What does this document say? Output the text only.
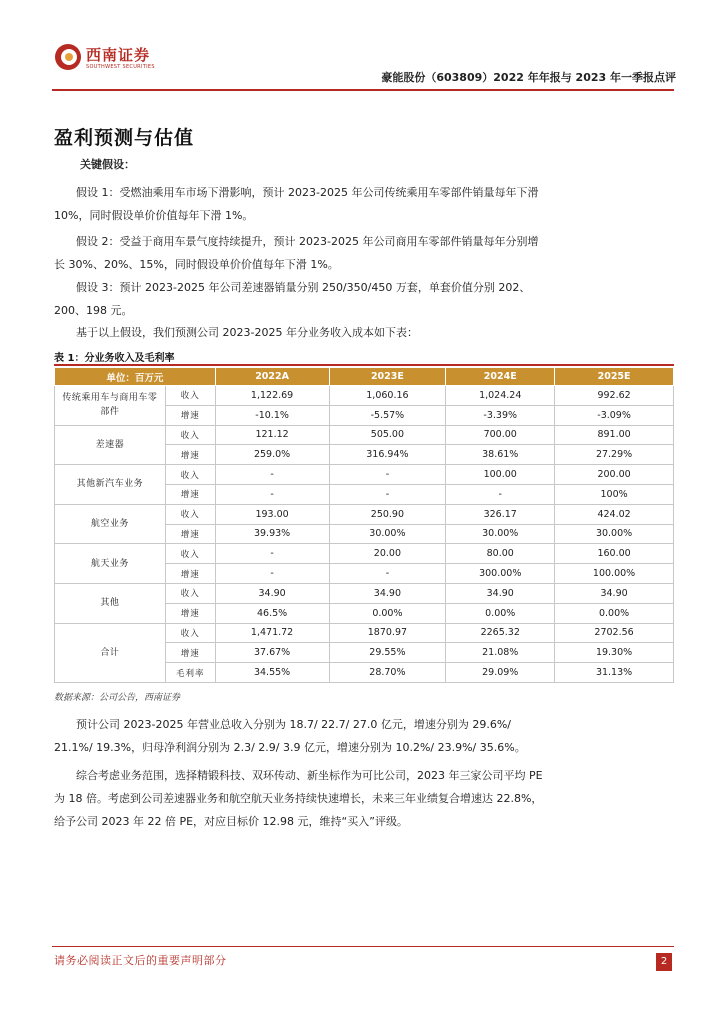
西南证券
SOUTHWEST SECURITIES
豪能股份（603809）2022 年年报与 2023 年一季报点评
盈利预测与估值
关键假设：
假设 1：受燃油乘用车市场下滑影响，预计 2023-2025 年公司传统乘用车零部件销量每年下滑 10%，同时假设单价价值每年下滑 1%。
假设 2：受益于商用车景气度持续提升，预计 2023-2025 年公司商用车零部件销量每年分别增长 30%、20%、15%，同时假设单价价值每年下滑 1%。
假设 3：预计 2023-2025 年公司差速器销量分别 250/350/450 万套，单套价值分别 202、200、198 元。
基于以上假设，我们预测公司 2023-2025 年分业务收入成本如下表：
表 1：分业务收入及毛利率
单位：百万元		2022A	2023E	2024E	2025E
传统乘用车与商用车零部件	收入	1,122.69	1,060.16	1,024.24	992.62
	增速	-10.1%	-5.57%	-3.39%	-3.09%
差速器	收入	121.12	505.00	700.00	891.00
	增速	259.0%	316.94%	38.61%	27.29%
其他新汽车业务	收入	-	-	100.00	200.00
	增速	-	-	-	100%
航空业务	收入	193.00	250.90	326.17	424.02
	增速	39.93%	30.00%	30.00%	30.00%
航天业务	收入	-	20.00	80.00	160.00
	增速	-	-	300.00%	100.00%
其他	收入	34.90	34.90	34.90	34.90
	增速	46.5%	0.00%	0.00%	0.00%
合计	收入	1,471.72	1870.97	2265.32	2702.56
	增速	37.67%	29.55%	21.08%	19.30%
	毛利率	34.55%	28.70%	29.09%	31.13%
数据来源：公司公告，西南证券
预计公司 2023-2025 年营业总收入分别为 18.7/ 22.7/ 27.0 亿元，增速分别为 29.6%/ 21.1%/ 19.3%，归母净利润分别为 2.3/ 2.9/ 3.9 亿元，增速分别为 10.2%/ 23.9%/ 35.6%。
综合考虑业务范围，选择精锻科技、双环传动、新坐标作为可比公司，2023 年三家公司平均 PE 为 18 倍。考虑到公司差速器业务和航空航天业务持续快速增长，未来三年业绩复合增速达 22.8%，给予公司 2023 年 22 倍 PE，对应目标价 12.98 元，维持“买入”评级。
请务必阅读正文后的重要声明部分	2
